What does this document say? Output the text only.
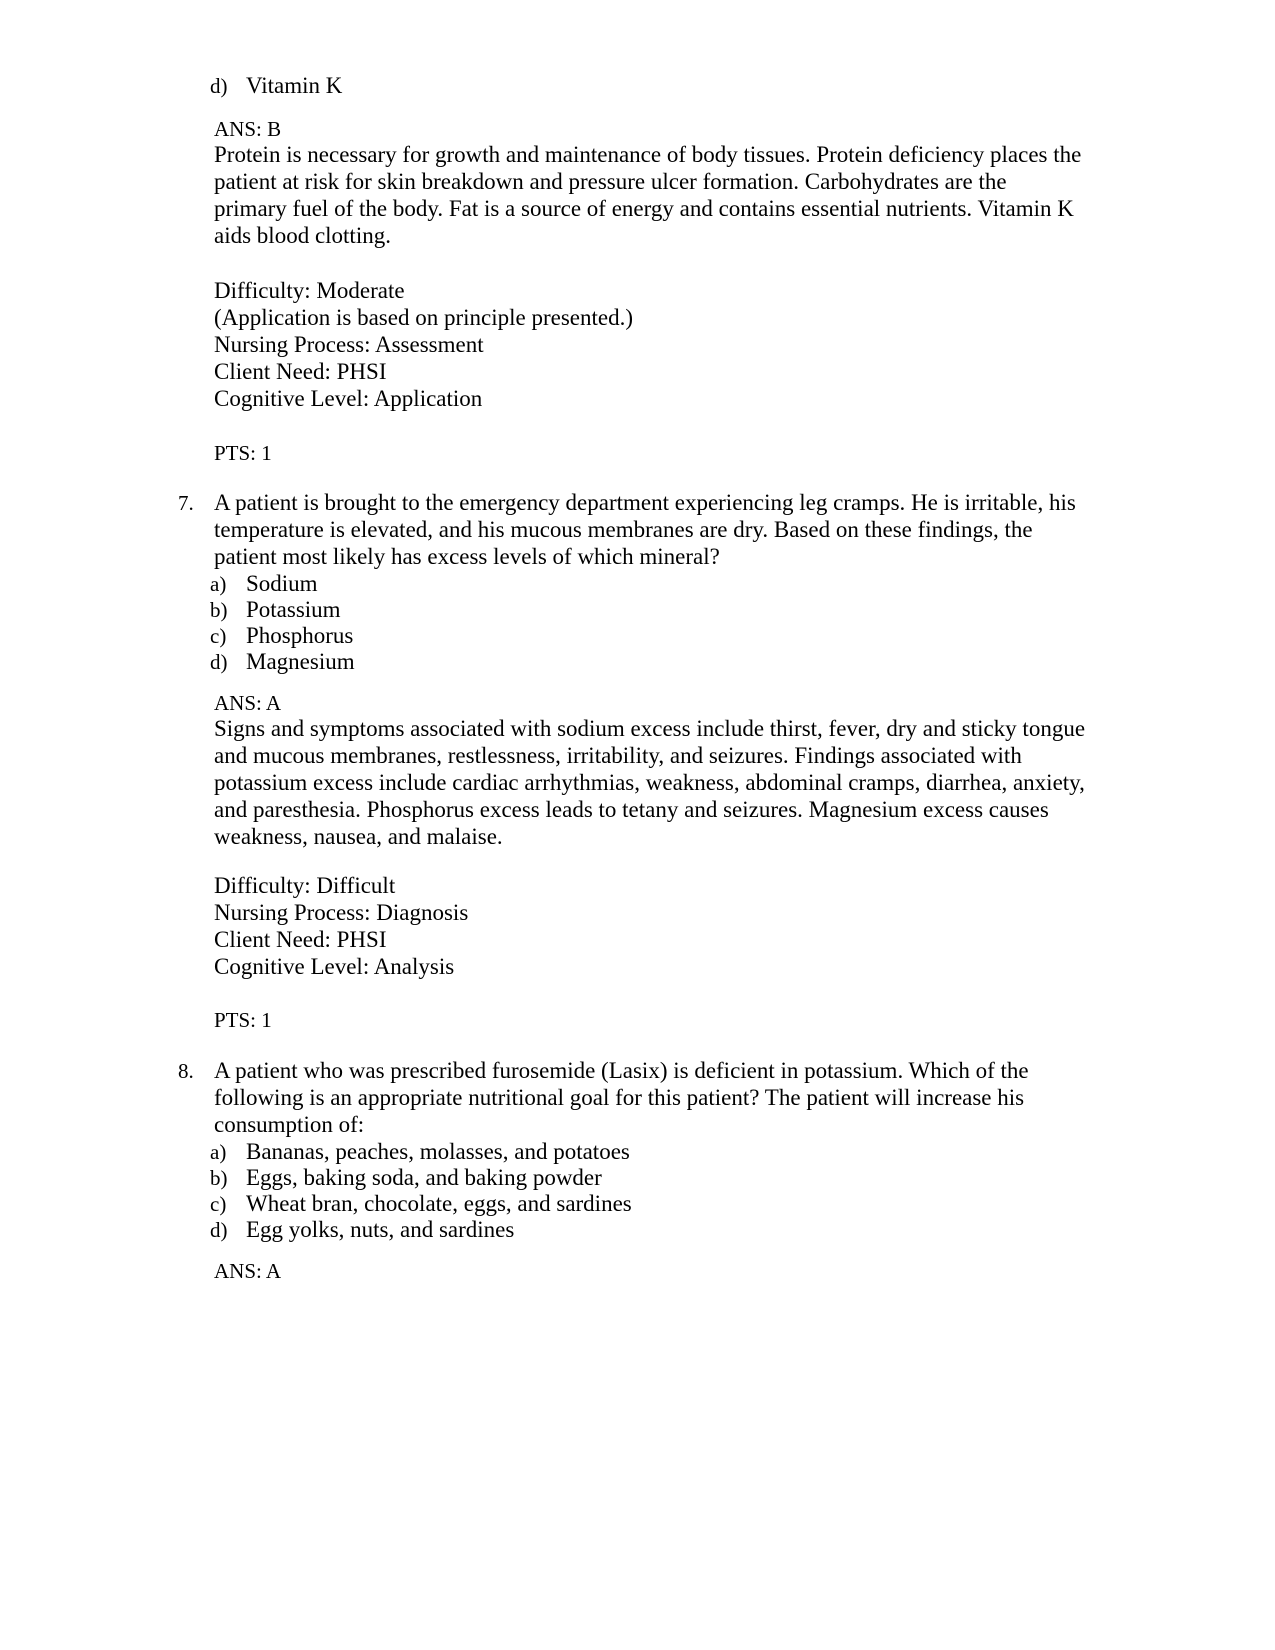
d) Vitamin K
ANS: B
Protein is necessary for growth and maintenance of body tissues. Protein deficiency places the
patient at risk for skin breakdown and pressure ulcer formation. Carbohydrates are the
primary fuel of the body. Fat is a source of energy and contains essential nutrients. Vitamin K
aids blood clotting.
Difficulty: Moderate
(Application is based on principle presented.)
Nursing Process: Assessment
Client Need: PHSI
Cognitive Level: Application
PTS: 1
7. A patient is brought to the emergency department experiencing leg cramps. He is irritable, his
temperature is elevated, and his mucous membranes are dry. Based on these findings, the
patient most likely has excess levels of which mineral?
a) Sodium
b) Potassium
c) Phosphorus
d) Magnesium
ANS: A
Signs and symptoms associated with sodium excess include thirst, fever, dry and sticky tongue
and mucous membranes, restlessness, irritability, and seizures. Findings associated with
potassium excess include cardiac arrhythmias, weakness, abdominal cramps, diarrhea, anxiety,
and paresthesia. Phosphorus excess leads to tetany and seizures. Magnesium excess causes
weakness, nausea, and malaise.
Difficulty: Difficult
Nursing Process: Diagnosis
Client Need: PHSI
Cognitive Level: Analysis
PTS: 1
8. A patient who was prescribed furosemide (Lasix) is deficient in potassium. Which of the
following is an appropriate nutritional goal for this patient? The patient will increase his
consumption of:
a) Bananas, peaches, molasses, and potatoes
b) Eggs, baking soda, and baking powder
c) Wheat bran, chocolate, eggs, and sardines
d) Egg yolks, nuts, and sardines
ANS: A
